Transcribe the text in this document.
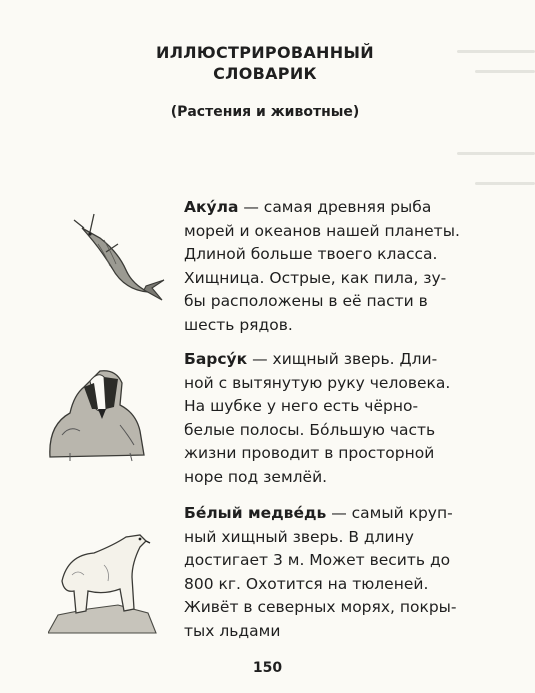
ИЛЛЮСТРИРОВАННЫЙ
СЛОВАРИК
(Растения и животные)
Аку́ла — самая древняя рыба
морей и океанов нашей планеты.
Длиной больше твоего класса.
Хищница. Острые, как пила, зу-
бы расположены в её пасти в
шесть рядов.
Барсу́к — хищный зверь. Дли-
ной с вытянутую руку человека.
На шубке у него есть чёрно-
белые полосы. Бо́льшую часть
жизни проводит в просторной
норе под землёй.
Бе́лый медве́дь — самый круп-
ный хищный зверь. В длину
достигает 3 м. Может весить до
800 кг. Охотится на тюленей.
Живёт в северных морях, покры-
тых льдами
150
